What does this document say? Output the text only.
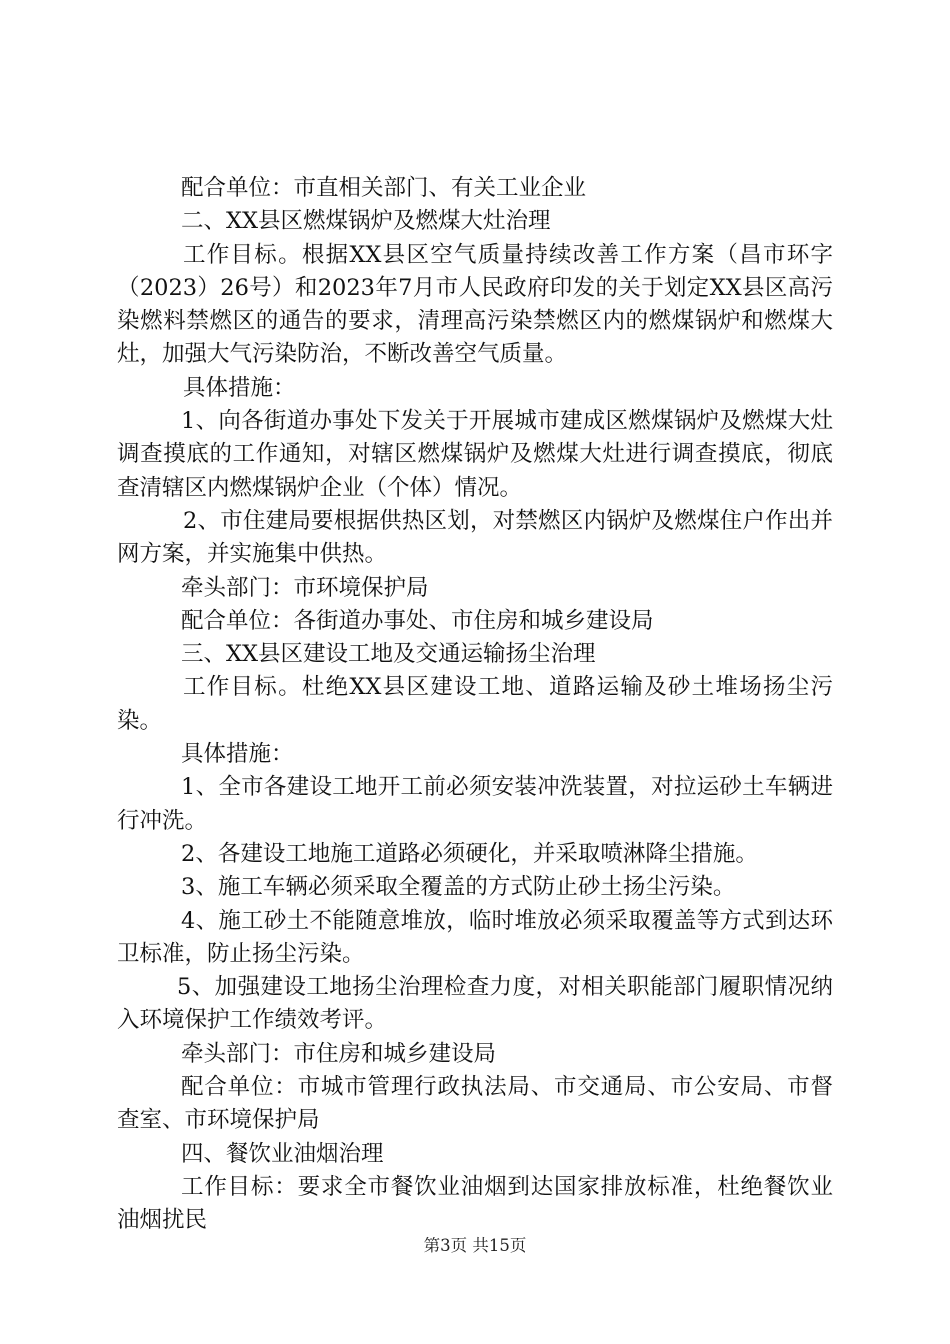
配合单位：市直相关部门、有关工业企业

二、XX县区燃煤锅炉及燃煤大灶治理

工作目标。根据XX县区空气质量持续改善工作方案（昌市环字（2023）26号）和2023年7月市人民政府印发的关于划定XX县区高污染燃料禁燃区的通告的要求，清理高污染禁燃区内的燃煤锅炉和燃煤大灶，加强大气污染防治，不断改善空气质量。

具体措施：

1、向各街道办事处下发关于开展城市建成区燃煤锅炉及燃煤大灶调查摸底的工作通知，对辖区燃煤锅炉及燃煤大灶进行调查摸底，彻底查清辖区内燃煤锅炉企业（个体）情况。

2、市住建局要根据供热区划，对禁燃区内锅炉及燃煤住户作出并网方案，并实施集中供热。

牵头部门：市环境保护局

配合单位：各街道办事处、市住房和城乡建设局

三、XX县区建设工地及交通运输扬尘治理

工作目标。杜绝XX县区建设工地、道路运输及砂土堆场扬尘污染。

具体措施：

1、全市各建设工地开工前必须安装冲洗装置，对拉运砂土车辆进行冲洗。

2、各建设工地施工道路必须硬化，并采取喷淋降尘措施。

3、施工车辆必须采取全覆盖的方式防止砂土扬尘污染。

4、施工砂土不能随意堆放，临时堆放必须采取覆盖等方式到达环卫标准，防止扬尘污染。

5、加强建设工地扬尘治理检查力度，对相关职能部门履职情况纳入环境保护工作绩效考评。

牵头部门：市住房和城乡建设局

配合单位：市城市管理行政执法局、市交通局、市公安局、市督查室、市环境保护局

四、餐饮业油烟治理

工作目标：要求全市餐饮业油烟到达国家排放标准，杜绝餐饮业油烟扰民

第3页 共15页
